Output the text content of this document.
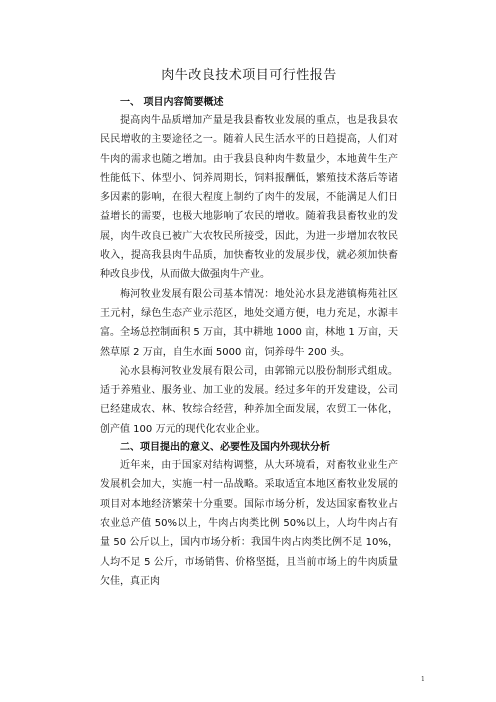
肉牛改良技术项目可行性报告
一、 项目内容简要概述

提高肉牛品质增加产量是我县畜牧业发展的重点，也是我县农民民增收的主要途径之一。随着人民生活水平的日趋提高，人们对牛肉的需求也随之增加。由于我县良种肉牛数量少，本地黄牛生产性能低下、体型小、饲养周期长，饲料报酬低，繁殖技术落后等诸多因素的影响，在很大程度上制约了肉牛的发展，不能满足人们日益增长的需要，也极大地影响了农民的增收。随着我县畜牧业的发展，肉牛改良已被广大农牧民所接受，因此，为进一步增加农牧民收入，提高我县肉牛品质，加快畜牧业的发展步伐，就必须加快畜种改良步伐，从而做大做强肉牛产业。

梅河牧业发展有限公司基本情况：地处沁水县龙港镇梅苑社区王元村，绿色生态产业示范区，地处交通方便，电力充足，水源丰富。全场总控制面积 5 万亩，其中耕地 1000 亩，林地 1 万亩，天然草原 2 万亩，自生水面 5000 亩，饲养母牛 200 头。

沁水县梅河牧业发展有限公司，由郭锦元以股份制形式组成。适于养殖业、服务业、加工业的发展。经过多年的开发建设，公司已经建成农、林、牧综合经营，种养加全面发展，农贸工一体化，创产值 100 万元的现代化农业企业。

二、项目提出的意义、必要性及国内外现状分析

近年来，由于国家对结构调整，从大环境看，对畜牧业业生产发展机会加大，实施一村一品战略。采取适宜本地区畜牧业发展的项目对本地经济繁荣十分重要。国际市场分析，发达国家畜牧业占农业总产值 50%以上，牛肉占肉类比例 50%以上，人均牛肉占有量 50 公斤以上，国内市场分析：我国牛肉占肉类比例不足 10%，人均不足 5 公斤，市场销售、价格坚挺，且当前市场上的牛肉质量欠佳，真正肉

1
